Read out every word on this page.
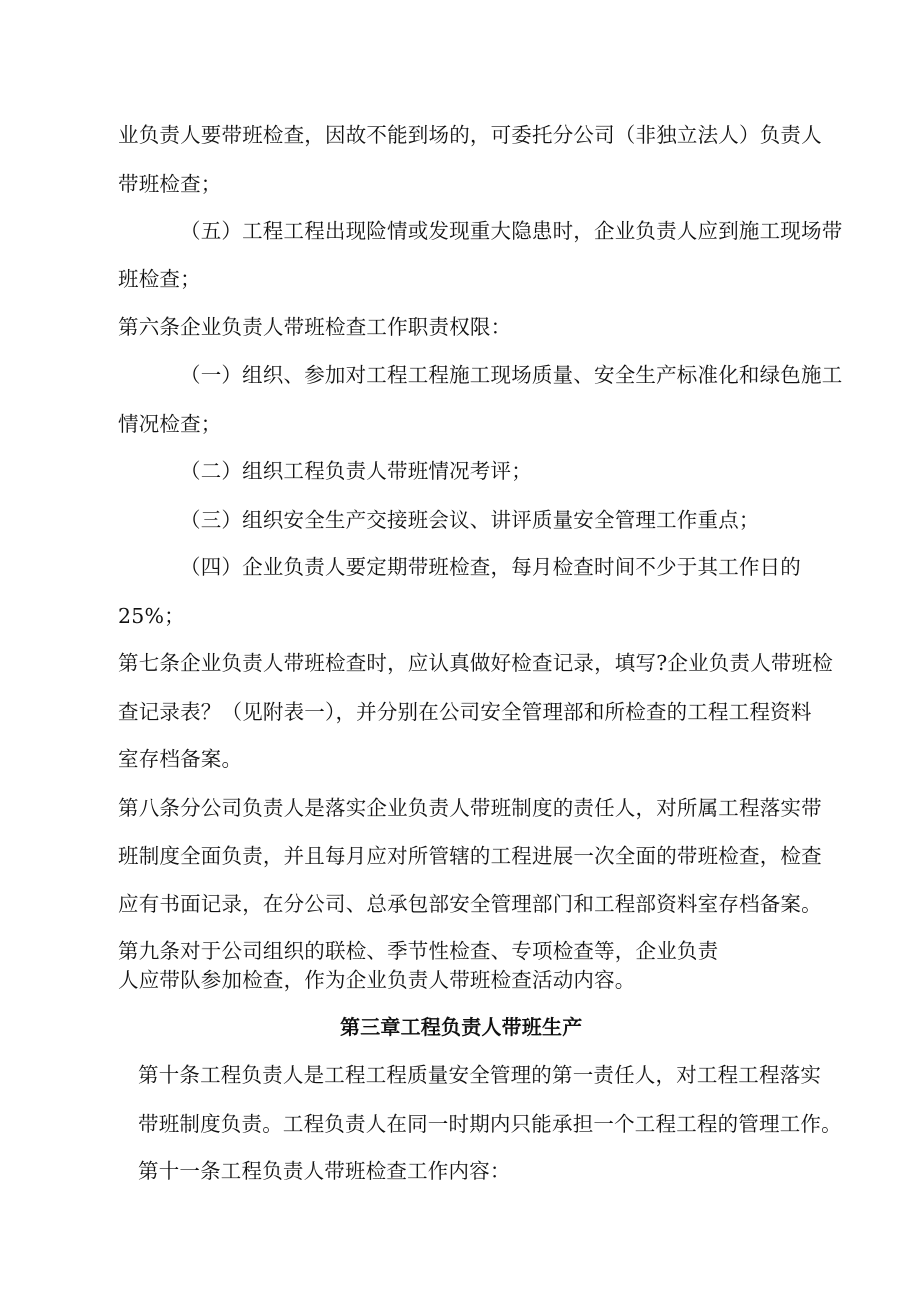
业负责人要带班检查，因故不能到场的，可委托分公司（非独立法人）负责人
带班检查；
（五）工程工程出现险情或发现重大隐患时，企业负责人应到施工现场带
班检查；
第六条企业负责人带班检查工作职责权限：
（一）组织、参加对工程工程施工现场质量、安全生产标准化和绿色施工
情况检查；
（二）组织工程负责人带班情况考评；
（三）组织安全生产交接班会议、讲评质量安全管理工作重点；
（四）企业负责人要定期带班检查，每月检查时间不少于其工作日的
25%；
第七条企业负责人带班检查时，应认真做好检查记录，填写?企业负责人带班检
查记录表？（见附表一），并分别在公司安全管理部和所检查的工程工程资料
室存档备案。
第八条分公司负责人是落实企业负责人带班制度的责任人，对所属工程落实带
班制度全面负责，并且每月应对所管辖的工程进展一次全面的带班检查，检查
应有书面记录，在分公司、总承包部安全管理部门和工程部资料室存档备案。
第九条对于公司组织的联检、季节性检查、专项检查等，企业负责
人应带队参加检查，作为企业负责人带班检查活动内容。
第三章工程负责人带班生产
第十条工程负责人是工程工程质量安全管理的第一责任人，对工程工程落实
带班制度负责。工程负责人在同一时期内只能承担一个工程工程的管理工作。
第十一条工程负责人带班检查工作内容：
